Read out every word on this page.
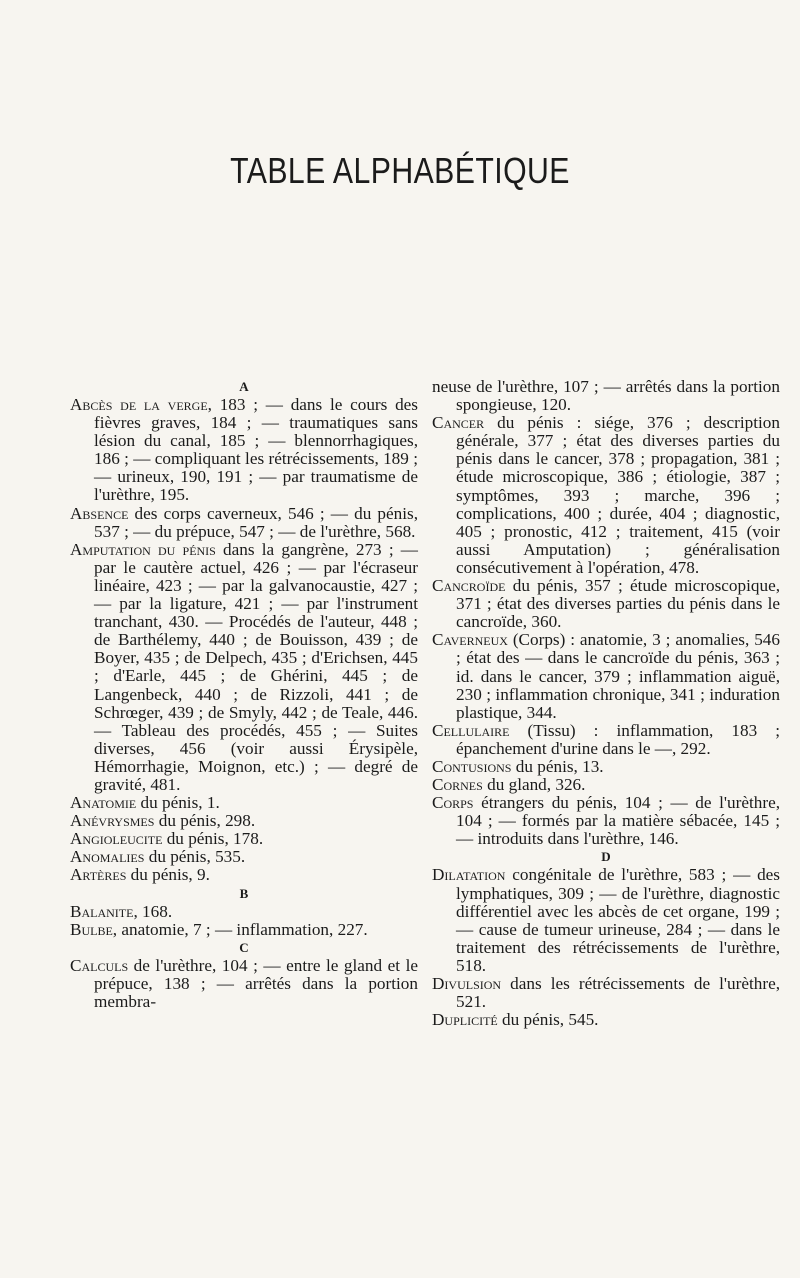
TABLE ALPHABÉTIQUE
A
Abcès de la verge, 183 ; — dans le cours des fièvres graves, 184 ; — traumatiques sans lésion du canal, 185 ; — blennorrhagiques, 186 ; — compliquant les rétrécissements, 189 ; — urineux, 190, 191 ; — par traumatisme de l'urèthre, 195.
Absence des corps caverneux, 546 ; — du pénis, 537 ; — du prépuce, 547 ; — de l'urèthre, 568.
Amputation du pénis dans la gangrène, 273 ; — par le cautère actuel, 426 ; — par l'écraseur linéaire, 423 ; — par la galvanocaustie, 427 ; — par la ligature, 421 ; — par l'instrument tranchant, 430. — Procédés de l'auteur, 448 ; de Barthélemy, 440 ; de Bouisson, 439 ; de Boyer, 435 ; de Delpech, 435 ; d'Erichsen, 445 ; d'Earle, 445 ; de Ghérini, 445 ; de Langenbeck, 440 ; de Rizzoli, 441 ; de Schrœger, 439 ; de Smyly, 442 ; de Teale, 446. — Tableau des procédés, 455 ; — Suites diverses, 456 (voir aussi Érysipèle, Hémorrhagie, Moignon, etc.) ; — degré de gravité, 481.
Anatomie du pénis, 1.
Anévrysmes du pénis, 298.
Angioleucite du pénis, 178.
Anomalies du pénis, 535.
Artères du pénis, 9.
B
Balanite, 168.
Bulbe, anatomie, 7 ; — inflammation, 227.
C
Calculs de l'urèthre, 104 ; — entre le gland et le prépuce, 138 ; — arrêtés dans la portion membra-
neuse de l'urèthre, 107 ; — arrêtés dans la portion spongieuse, 120.
Cancer du pénis : siége, 376 ; description générale, 377 ; état des diverses parties du pénis dans le cancer, 378 ; propagation, 381 ; étude microscopique, 386 ; étiologie, 387 ; symptômes, 393 ; marche, 396 ; complications, 400 ; durée, 404 ; diagnostic, 405 ; pronostic, 412 ; traitement, 415 (voir aussi Amputation) ; généralisation consécutivement à l'opération, 478.
Cancroïde du pénis, 357 ; étude microscopique, 371 ; état des diverses parties du pénis dans le cancroïde, 360.
Caverneux (Corps) : anatomie, 3 ; anomalies, 546 ; état des — dans le cancroïde du pénis, 363 ; id. dans le cancer, 379 ; inflammation aiguë, 230 ; inflammation chronique, 341 ; induration plastique, 344.
Cellulaire (Tissu) : inflammation, 183 ; épanchement d'urine dans le —, 292.
Contusions du pénis, 13.
Cornes du gland, 326.
Corps étrangers du pénis, 104 ; — de l'urèthre, 104 ; — formés par la matière sébacée, 145 ; — introduits dans l'urèthre, 146.
D
Dilatation congénitale de l'urèthre, 583 ; — des lymphatiques, 309 ; — de l'urèthre, diagnostic différentiel avec les abcès de cet organe, 199 ; — cause de tumeur urineuse, 284 ; — dans le traitement des rétrécissements de l'urèthre, 518.
Divulsion dans les rétrécissements de l'urèthre, 521.
Duplicité du pénis, 545.
